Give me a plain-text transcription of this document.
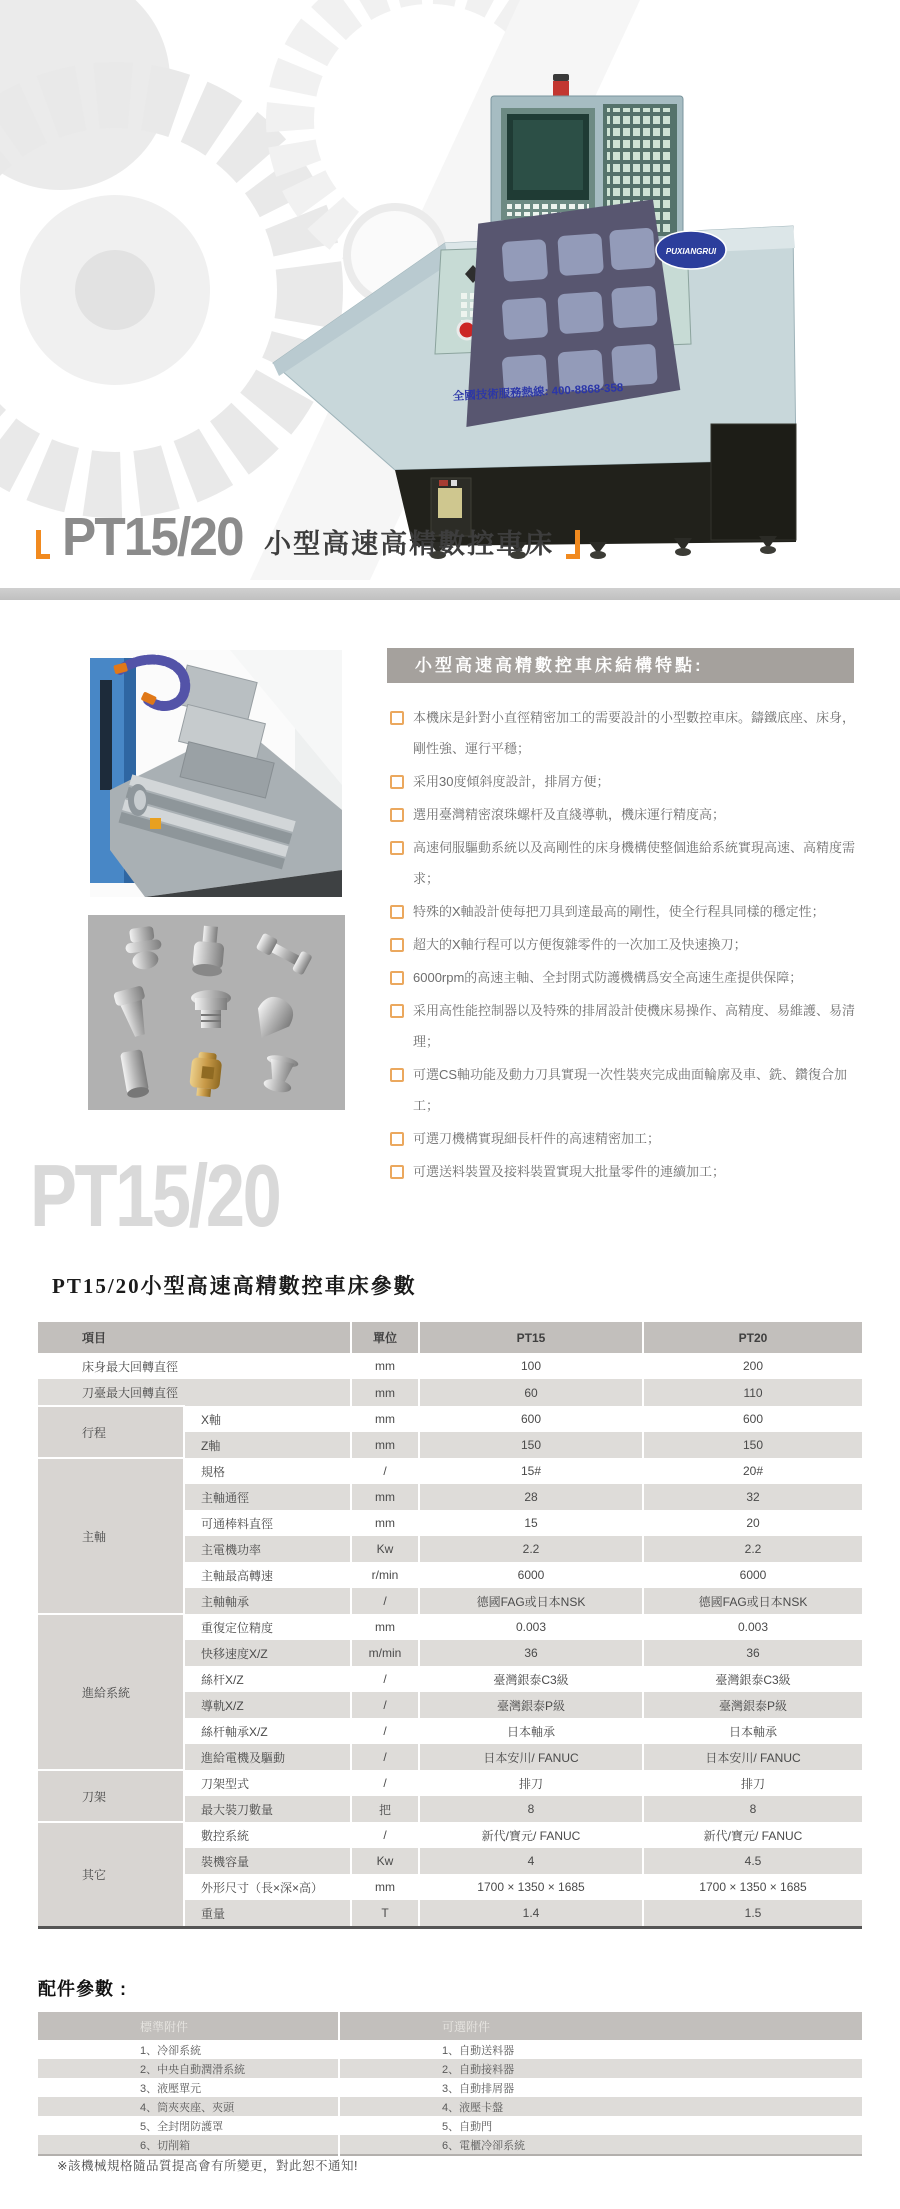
PUXIANGRUI
全國技術服務熱線: 400-8868-358
PT15/20 小型高速高精數控車床
小型高速高精數控車床結構特點:
本機床是針對小直徑精密加工的需要設計的小型數控車床。鑄鐵底座、床身，剛性強、運行平穩；
采用30度傾斜度設計，排屑方便；
選用臺灣精密滾珠螺杆及直綫導軌，機床運行精度高；
高速伺服驅動系統以及高剛性的床身機構使整個進給系統實現高速、高精度需求；
特殊的X軸設計使每把刀具到達最高的剛性，使全行程具同樣的穩定性；
超大的X軸行程可以方便復雜零件的一次加工及快速換刀；
6000rpm的高速主軸、全封閉式防護機構爲安全高速生產提供保障；
采用高性能控制器以及特殊的排屑設計使機床易操作、高精度、易維護、易清理；
可選CS軸功能及動力刀具實現一次性裝夾完成曲面輪廓及車、銑、鑽復合加工；
可選刀機構實現細長杆件的高速精密加工；
可選送料裝置及接料裝置實現大批量零件的連續加工；
PT15/20
PT15/20小型高速高精數控車床參數
項目		單位	PT15	PT20
床身最大回轉直徑		mm	100	200
刀臺最大回轉直徑		mm	60	110
行程	X軸	mm	600	600
	Z軸	mm	150	150
主軸	規格	/	15#	20#
	主軸通徑	mm	28	32
	可通棒料直徑	mm	15	20
	主電機功率	Kw	2.2	2.2
	主軸最高轉速	r/min	6000	6000
	主軸軸承	/	德國FAG或日本NSK	德國FAG或日本NSK
進給系統	重復定位精度	mm	0.003	0.003
	快移速度X/Z	m/min	36	36
	絲杆X/Z	/	臺灣銀泰C3級	臺灣銀泰C3級
	導軌X/Z	/	臺灣銀泰P級	臺灣銀泰P級
	絲杆軸承X/Z	/	日本軸承	日本軸承
	進給電機及驅動	/	日本安川/ FANUC	日本安川/ FANUC
刀架	刀架型式	/	排刀	排刀
	最大裝刀數量	把	8	8
其它	數控系統	/	新代/寶元/ FANUC	新代/寶元/ FANUC
	裝機容量	Kw	4	4.5
	外形尺寸（長×深×高）	mm	1700 × 1350 × 1685	1700 × 1350 × 1685
	重量	T	1.4	1.5
配件參數 :
標準附件	可選附件
1、冷卻系統	1、自動送料器
2、中央自動潤滑系統	2、自動接料器
3、液壓單元	3、自動排屑器
4、筒夾夾座、夾頭	4、液壓卡盤
5、全封閉防護罩	5、自動門
6、切削箱	6、電櫃冷卻系統
※該機械規格隨品質提高會有所變更，對此恕不通知!
